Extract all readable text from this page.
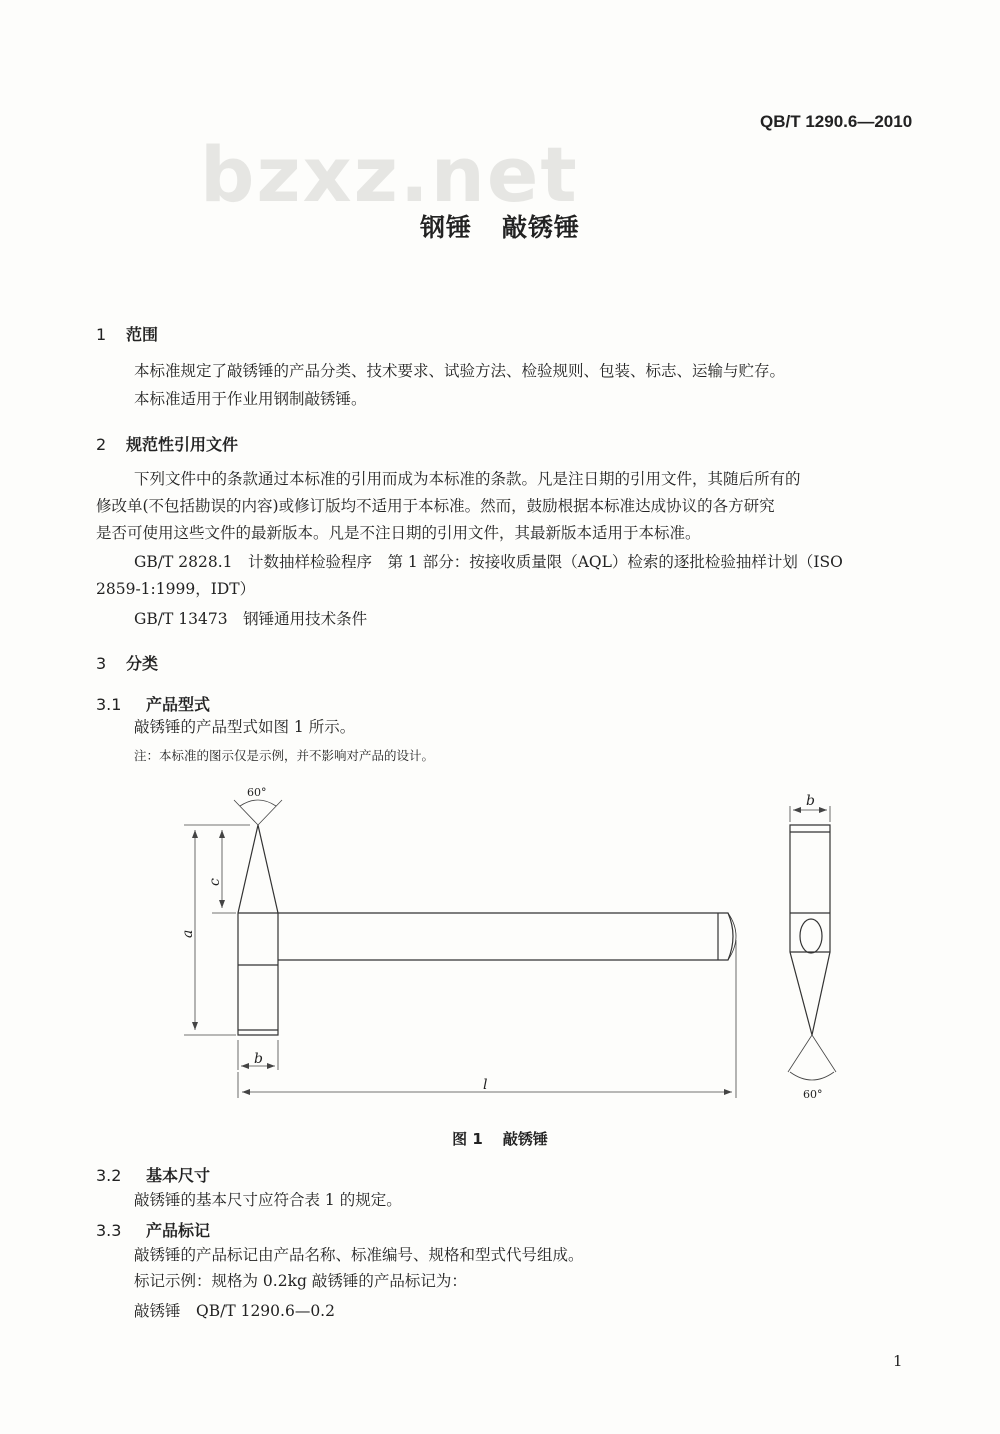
QB/T 1290.6—2010
bzxz.net
钢锤 敲锈锤
1 范围
本标准规定了敲锈锤的产品分类、技术要求、试验方法、检验规则、包装、标志、运输与贮存。
本标准适用于作业用钢制敲锈锤。
2 规范性引用文件
下列文件中的条款通过本标准的引用而成为本标准的条款。凡是注日期的引用文件，其随后所有的
修改单(不包括勘误的内容)或修订版均不适用于本标准。然而，鼓励根据本标准达成协议的各方研究
是否可使用这些文件的最新版本。凡是不注日期的引用文件，其最新版本适用于本标准。
GB/T 2828.1　计数抽样检验程序　第 1 部分：按接收质量限（AQL）检索的逐批检验抽样计划（ISO
2859-1:1999，IDT）
GB/T 13473　钢锤通用技术条件
3 分类
3.1 产品型式
敲锈锤的产品型式如图 1 所示。
注：本标准的图示仅是示例，并不影响对产品的设计。
60°
a
c
b
l
b
60°
图 1 敲锈锤
3.2 基本尺寸
敲锈锤的基本尺寸应符合表 1 的规定。
3.3 产品标记
敲锈锤的产品标记由产品名称、标准编号、规格和型式代号组成。
标记示例：规格为 0.2kg 敲锈锤的产品标记为：
敲锈锤　QB/T 1290.6—0.2
1
